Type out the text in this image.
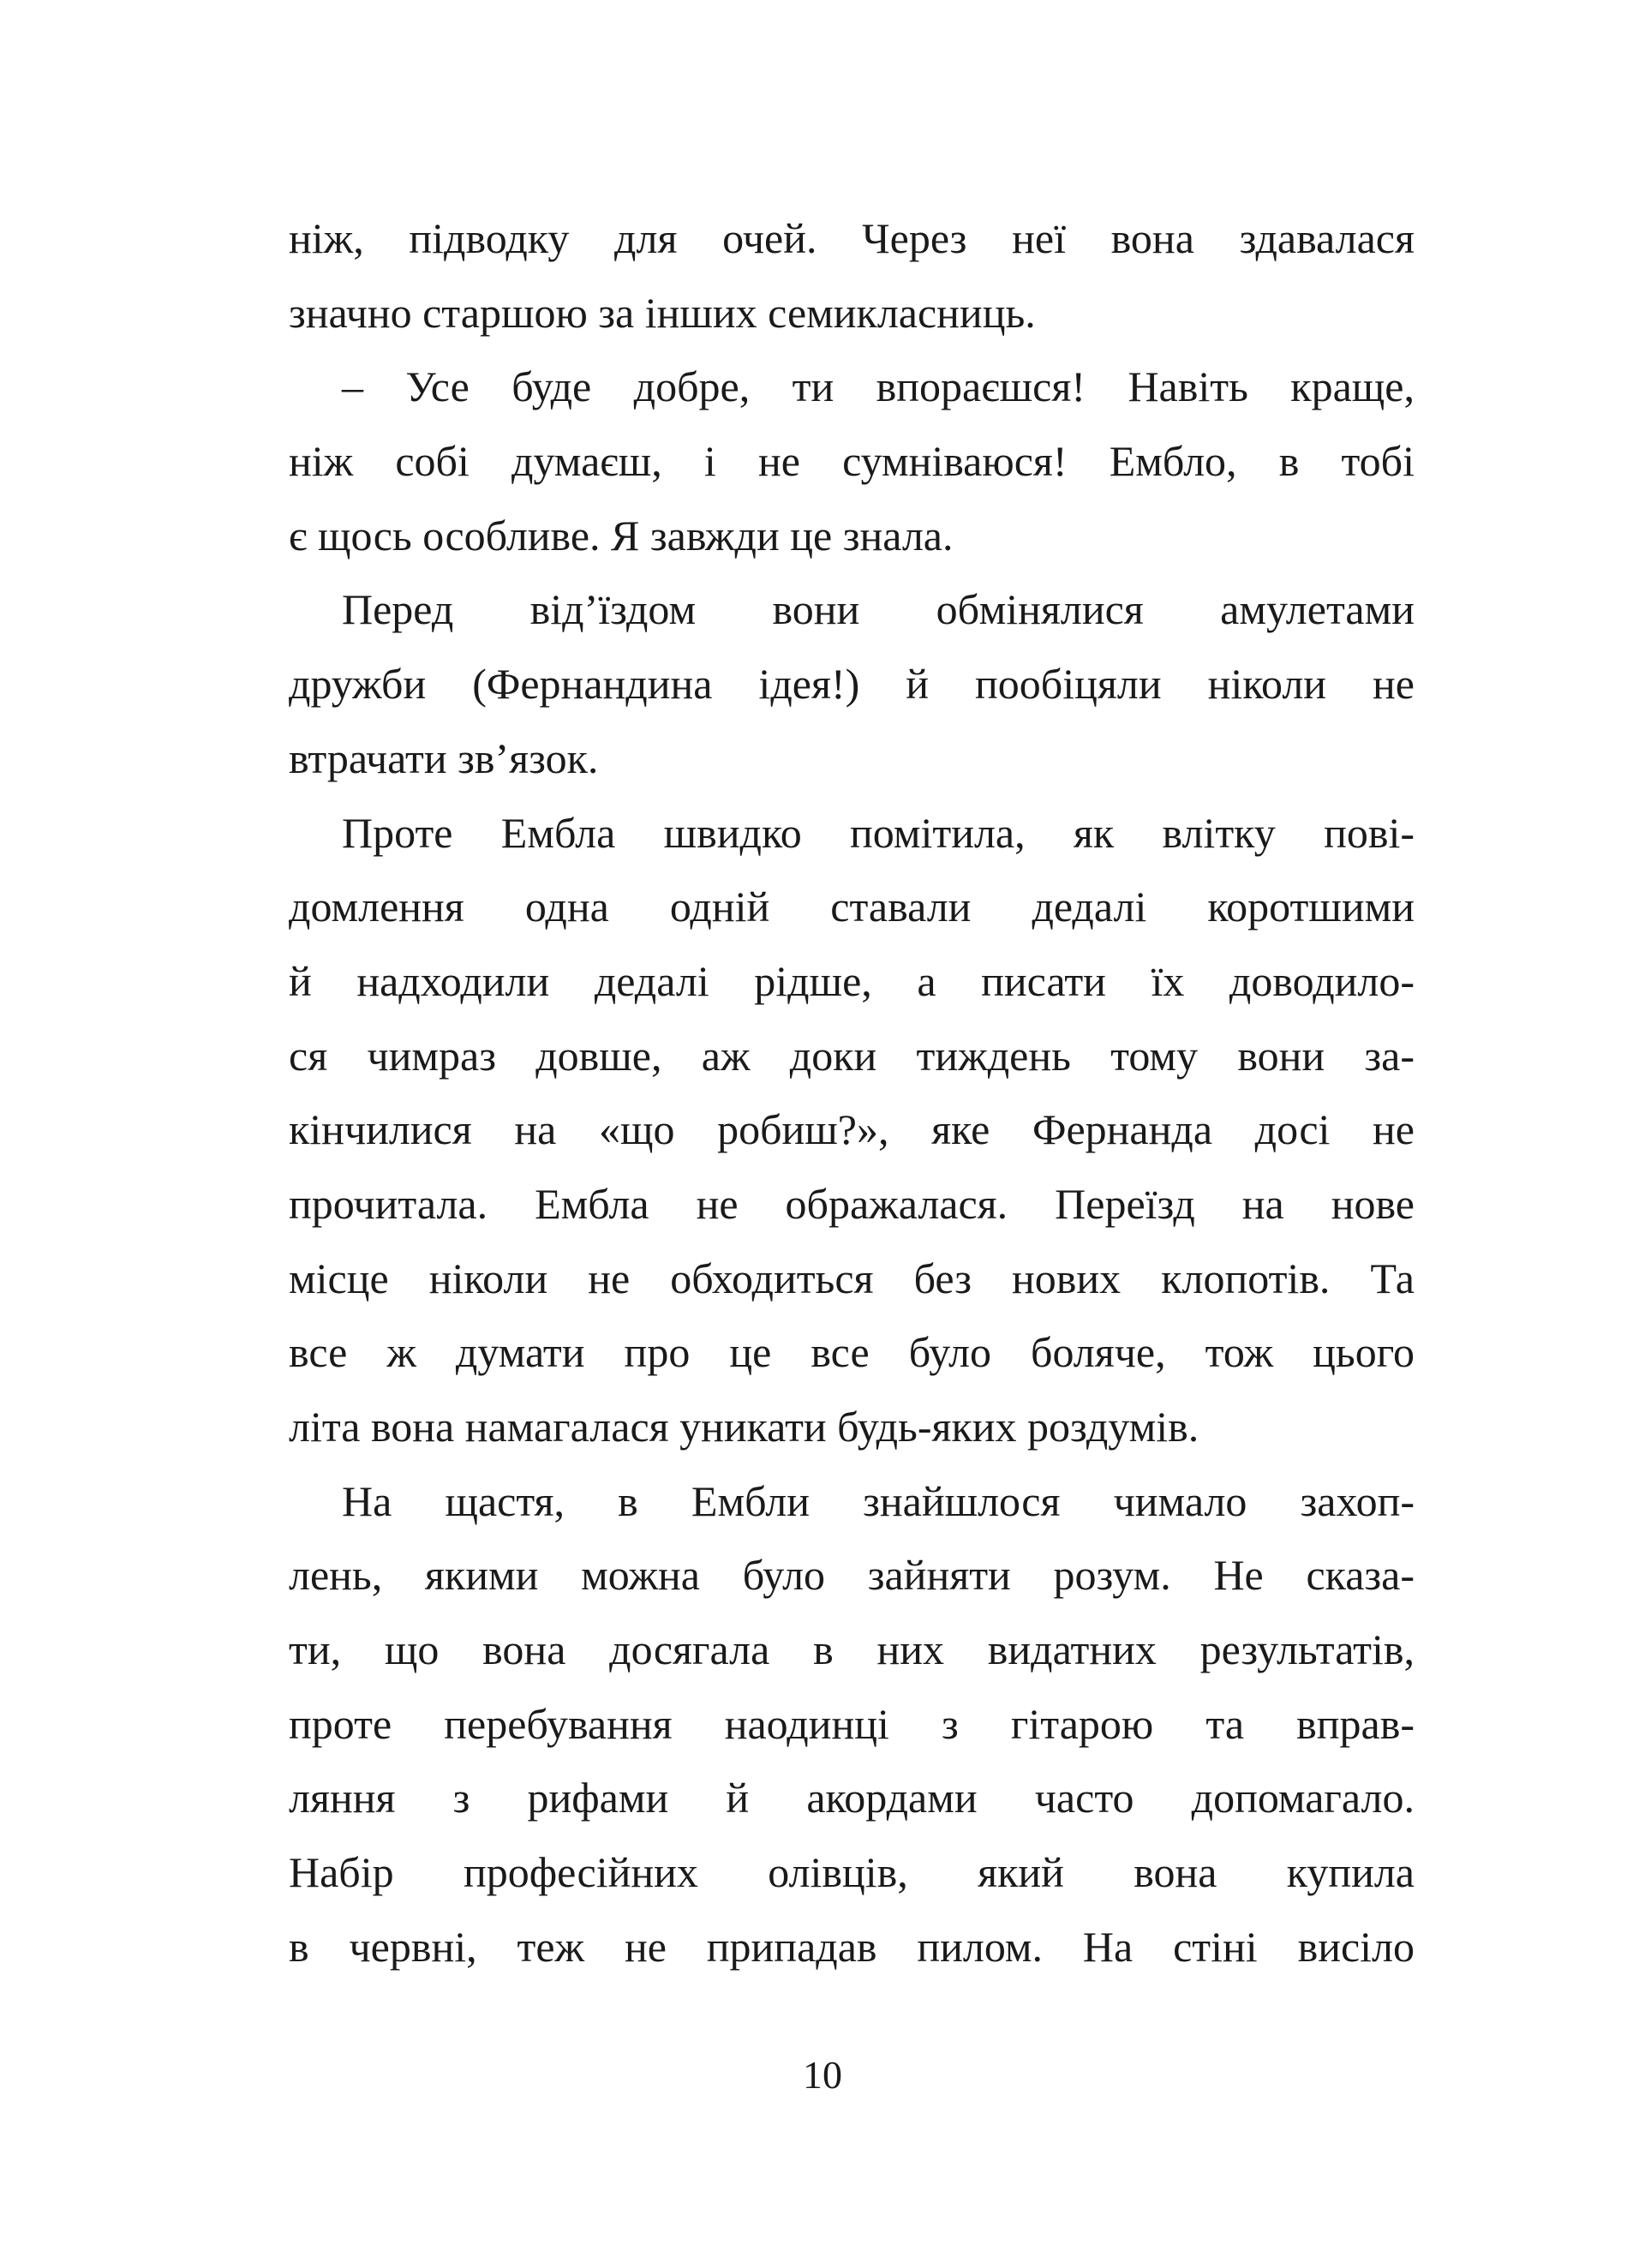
ніж, підводку для очей. Через неї вона здавалася
значно старшою за інших семикласниць.
– Усе буде добре, ти впораєшся! Навіть краще,
ніж собі думаєш, і не сумніваюся! Ембло, в тобі
є щось особливе. Я завжди це знала.
Перед від’їздом вони обмінялися амулетами
дружби (Фернандина ідея!) й пообіцяли ніколи не
втрачати зв’язок.
Проте Ембла швидко помітила, як влітку пові-
домлення одна одній ставали дедалі коротшими
й надходили дедалі рідше, а писати їх доводило-
ся чимраз довше, аж доки тиждень тому вони за-
кінчилися на «що робиш?», яке Фернанда досі не
прочитала. Ембла не ображалася. Переїзд на нове
місце ніколи не обходиться без нових клопотів. Та
все ж думати про це все було боляче, тож цього
літа вона намагалася уникати будь-яких роздумів.
На щастя, в Ембли знайшлося чимало захоп-
лень, якими можна було зайняти розум. Не сказа-
ти, що вона досягала в них видатних результатів,
проте перебування наодинці з гітарою та вправ-
ляння з рифами й акордами часто допомагало.
Набір професійних олівців, який вона купила
в червні, теж не припадав пилом. На стіні висіло
10
